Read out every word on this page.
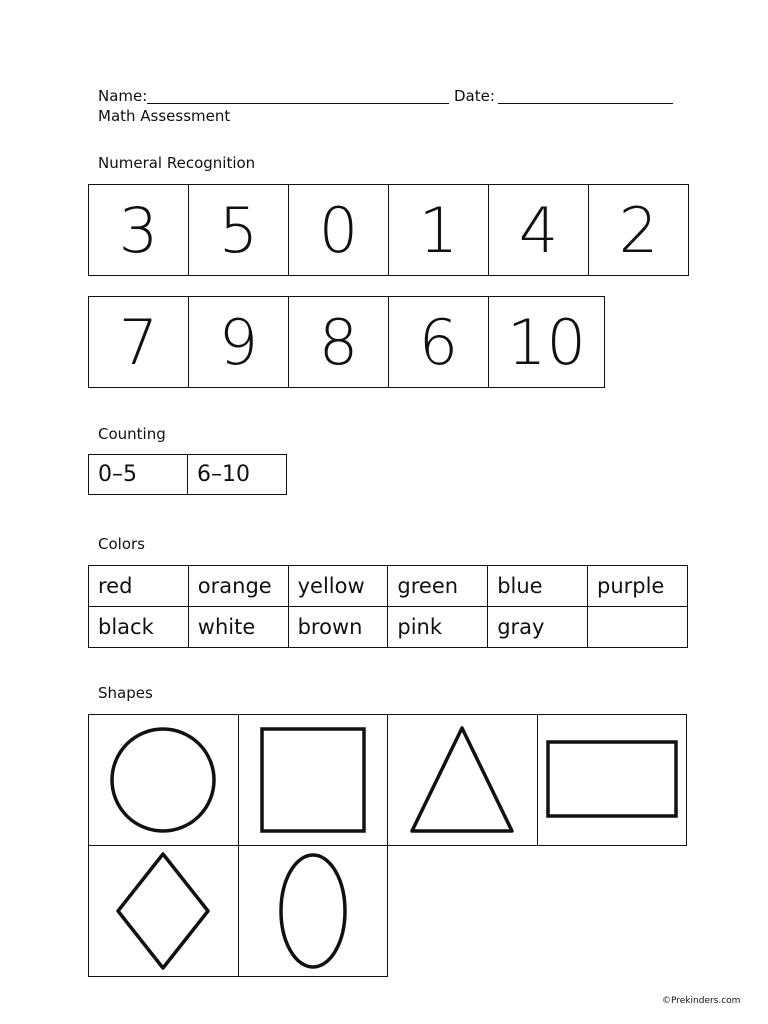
Name:	Date:
Math Assessment
Numeral Recognition
3 5 0 1 4 2
7 9 8 6 10
Counting
0–5	6–10
Colors
red	orange	yellow	green	blue	purple
black	white	brown	pink	gray
Shapes
©Prekinders.com
